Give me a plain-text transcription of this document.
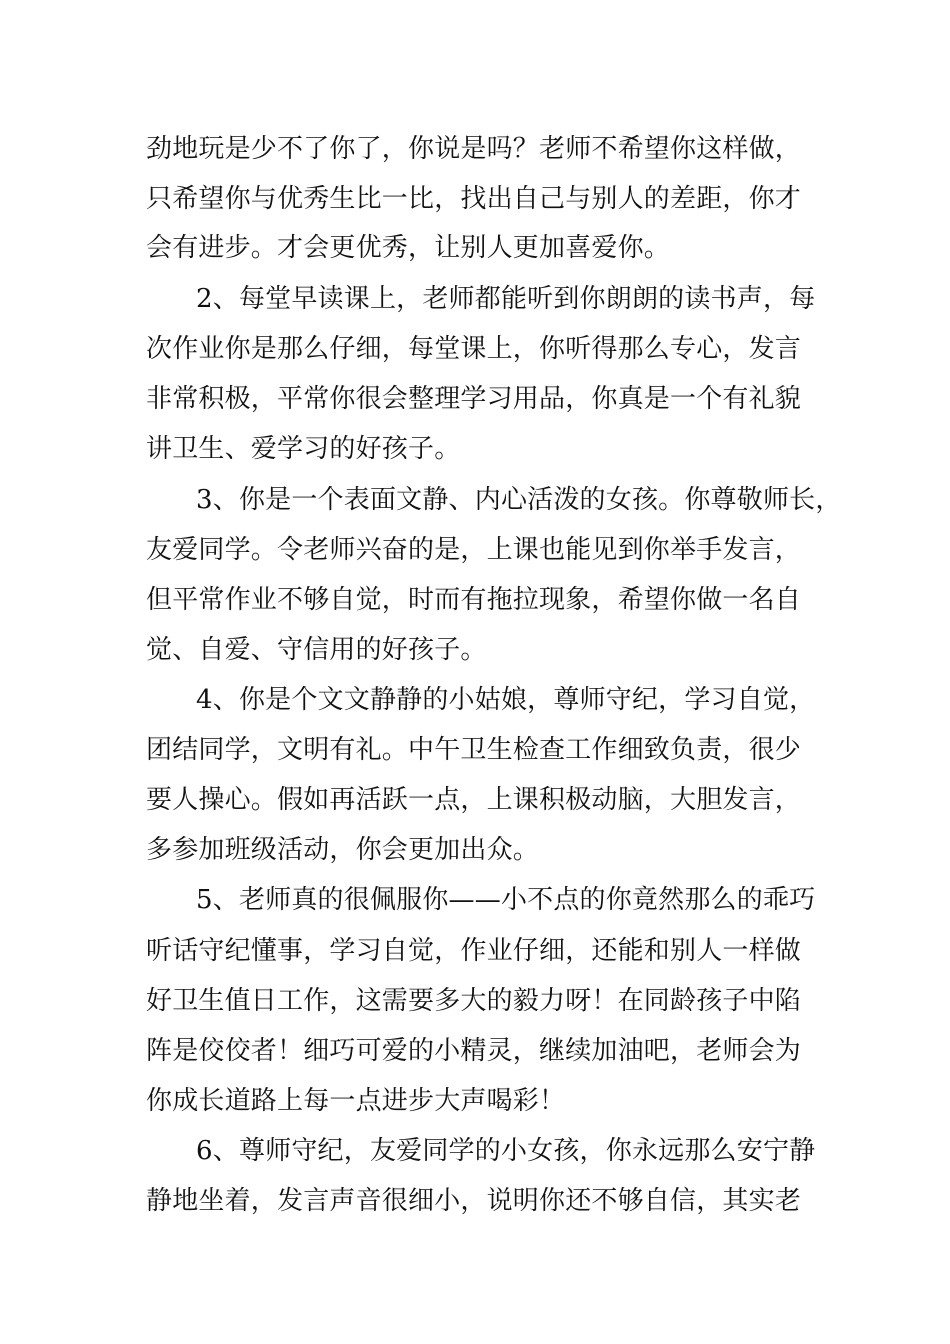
劲地玩是少不了你了，你说是吗？老师不希望你这样做，
只希望你与优秀生比一比，找出自己与别人的差距，你才
会有进步。才会更优秀，让别人更加喜爱你。
2、每堂早读课上，老师都能听到你朗朗的读书声，每
次作业你是那么仔细，每堂课上，你听得那么专心，发言
非常积极，平常你很会整理学习用品，你真是一个有礼貌
讲卫生、爱学习的好孩子。
3、你是一个表面文静、内心活泼的女孩。你尊敬师长，
友爱同学。令老师兴奋的是，上课也能见到你举手发言，
但平常作业不够自觉，时而有拖拉现象，希望你做一名自
觉、自爱、守信用的好孩子。
4、你是个文文静静的小姑娘，尊师守纪，学习自觉，
团结同学，文明有礼。中午卫生检查工作细致负责，很少
要人操心。假如再活跃一点，上课积极动脑，大胆发言，
多参加班级活动，你会更加出众。
5、老师真的很佩服你——小不点的你竟然那么的乖巧
听话守纪懂事，学习自觉，作业仔细，还能和别人一样做
好卫生值日工作，这需要多大的毅力呀！在同龄孩子中陷
阵是佼佼者！细巧可爱的小精灵，继续加油吧，老师会为
你成长道路上每一点进步大声喝彩！
6、尊师守纪，友爱同学的小女孩，你永远那么安宁静
静地坐着，发言声音很细小，说明你还不够自信，其实老
